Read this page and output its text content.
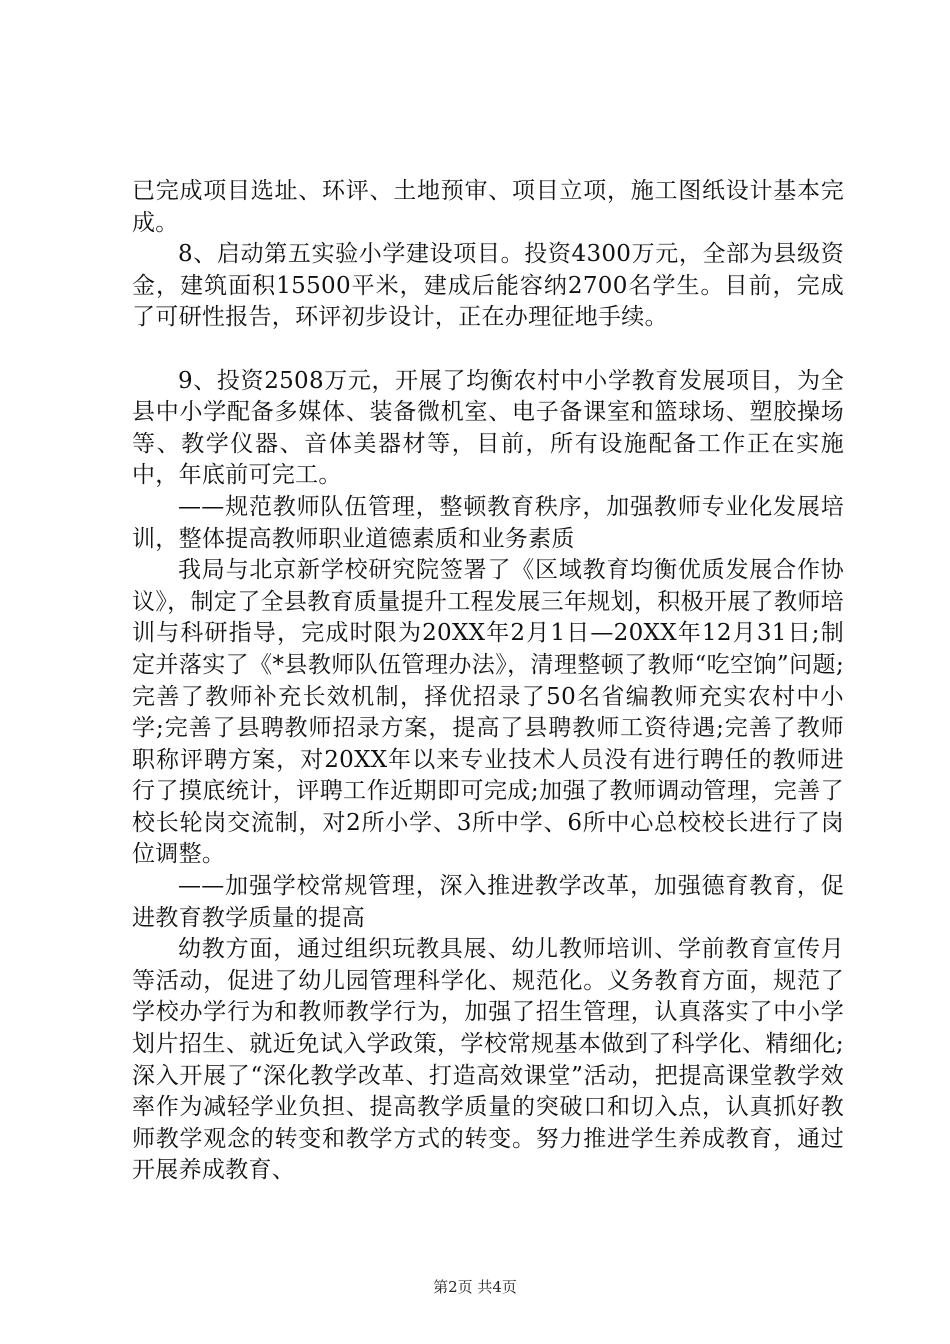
已完成项目选址、环评、土地预审、项目立项，施工图纸设计基本完成。

8、启动第五实验小学建设项目。投资4300万元，全部为县级资金，建筑面积15500平米，建成后能容纳2700名学生。目前，完成了可研性报告，环评初步设计，正在办理征地手续。

9、投资2508万元，开展了均衡农村中小学教育发展项目，为全县中小学配备多媒体、装备微机室、电子备课室和篮球场、塑胶操场等、教学仪器、音体美器材等，目前，所有设施配备工作正在实施中，年底前可完工。

——规范教师队伍管理，整顿教育秩序，加强教师专业化发展培训，整体提高教师职业道德素质和业务素质

我局与北京新学校研究院签署了《区域教育均衡优质发展合作协议》，制定了全县教育质量提升工程发展三年规划，积极开展了教师培训与科研指导，完成时限为20XX年2月1日—20XX年12月31日;制定并落实了《*县教师队伍管理办法》，清理整顿了教师“吃空饷”问题;完善了教师补充长效机制，择优招录了50名省编教师充实农村中小学;完善了县聘教师招录方案，提高了县聘教师工资待遇;完善了教师职称评聘方案，对20XX年以来专业技术人员没有进行聘任的教师进行了摸底统计，评聘工作近期即可完成;加强了教师调动管理，完善了校长轮岗交流制，对2所小学、3所中学、6所中心总校校长进行了岗位调整。

——加强学校常规管理，深入推进教学改革，加强德育教育，促进教育教学质量的提高

幼教方面，通过组织玩教具展、幼儿教师培训、学前教育宣传月等活动，促进了幼儿园管理科学化、规范化。义务教育方面，规范了学校办学行为和教师教学行为，加强了招生管理，认真落实了中小学划片招生、就近免试入学政策，学校常规基本做到了科学化、精细化;深入开展了“深化教学改革、打造高效课堂”活动，把提高课堂教学效率作为减轻学业负担、提高教学质量的突破口和切入点，认真抓好教师教学观念的转变和教学方式的转变。努力推进学生养成教育，通过开展养成教育、

第2页 共4页
